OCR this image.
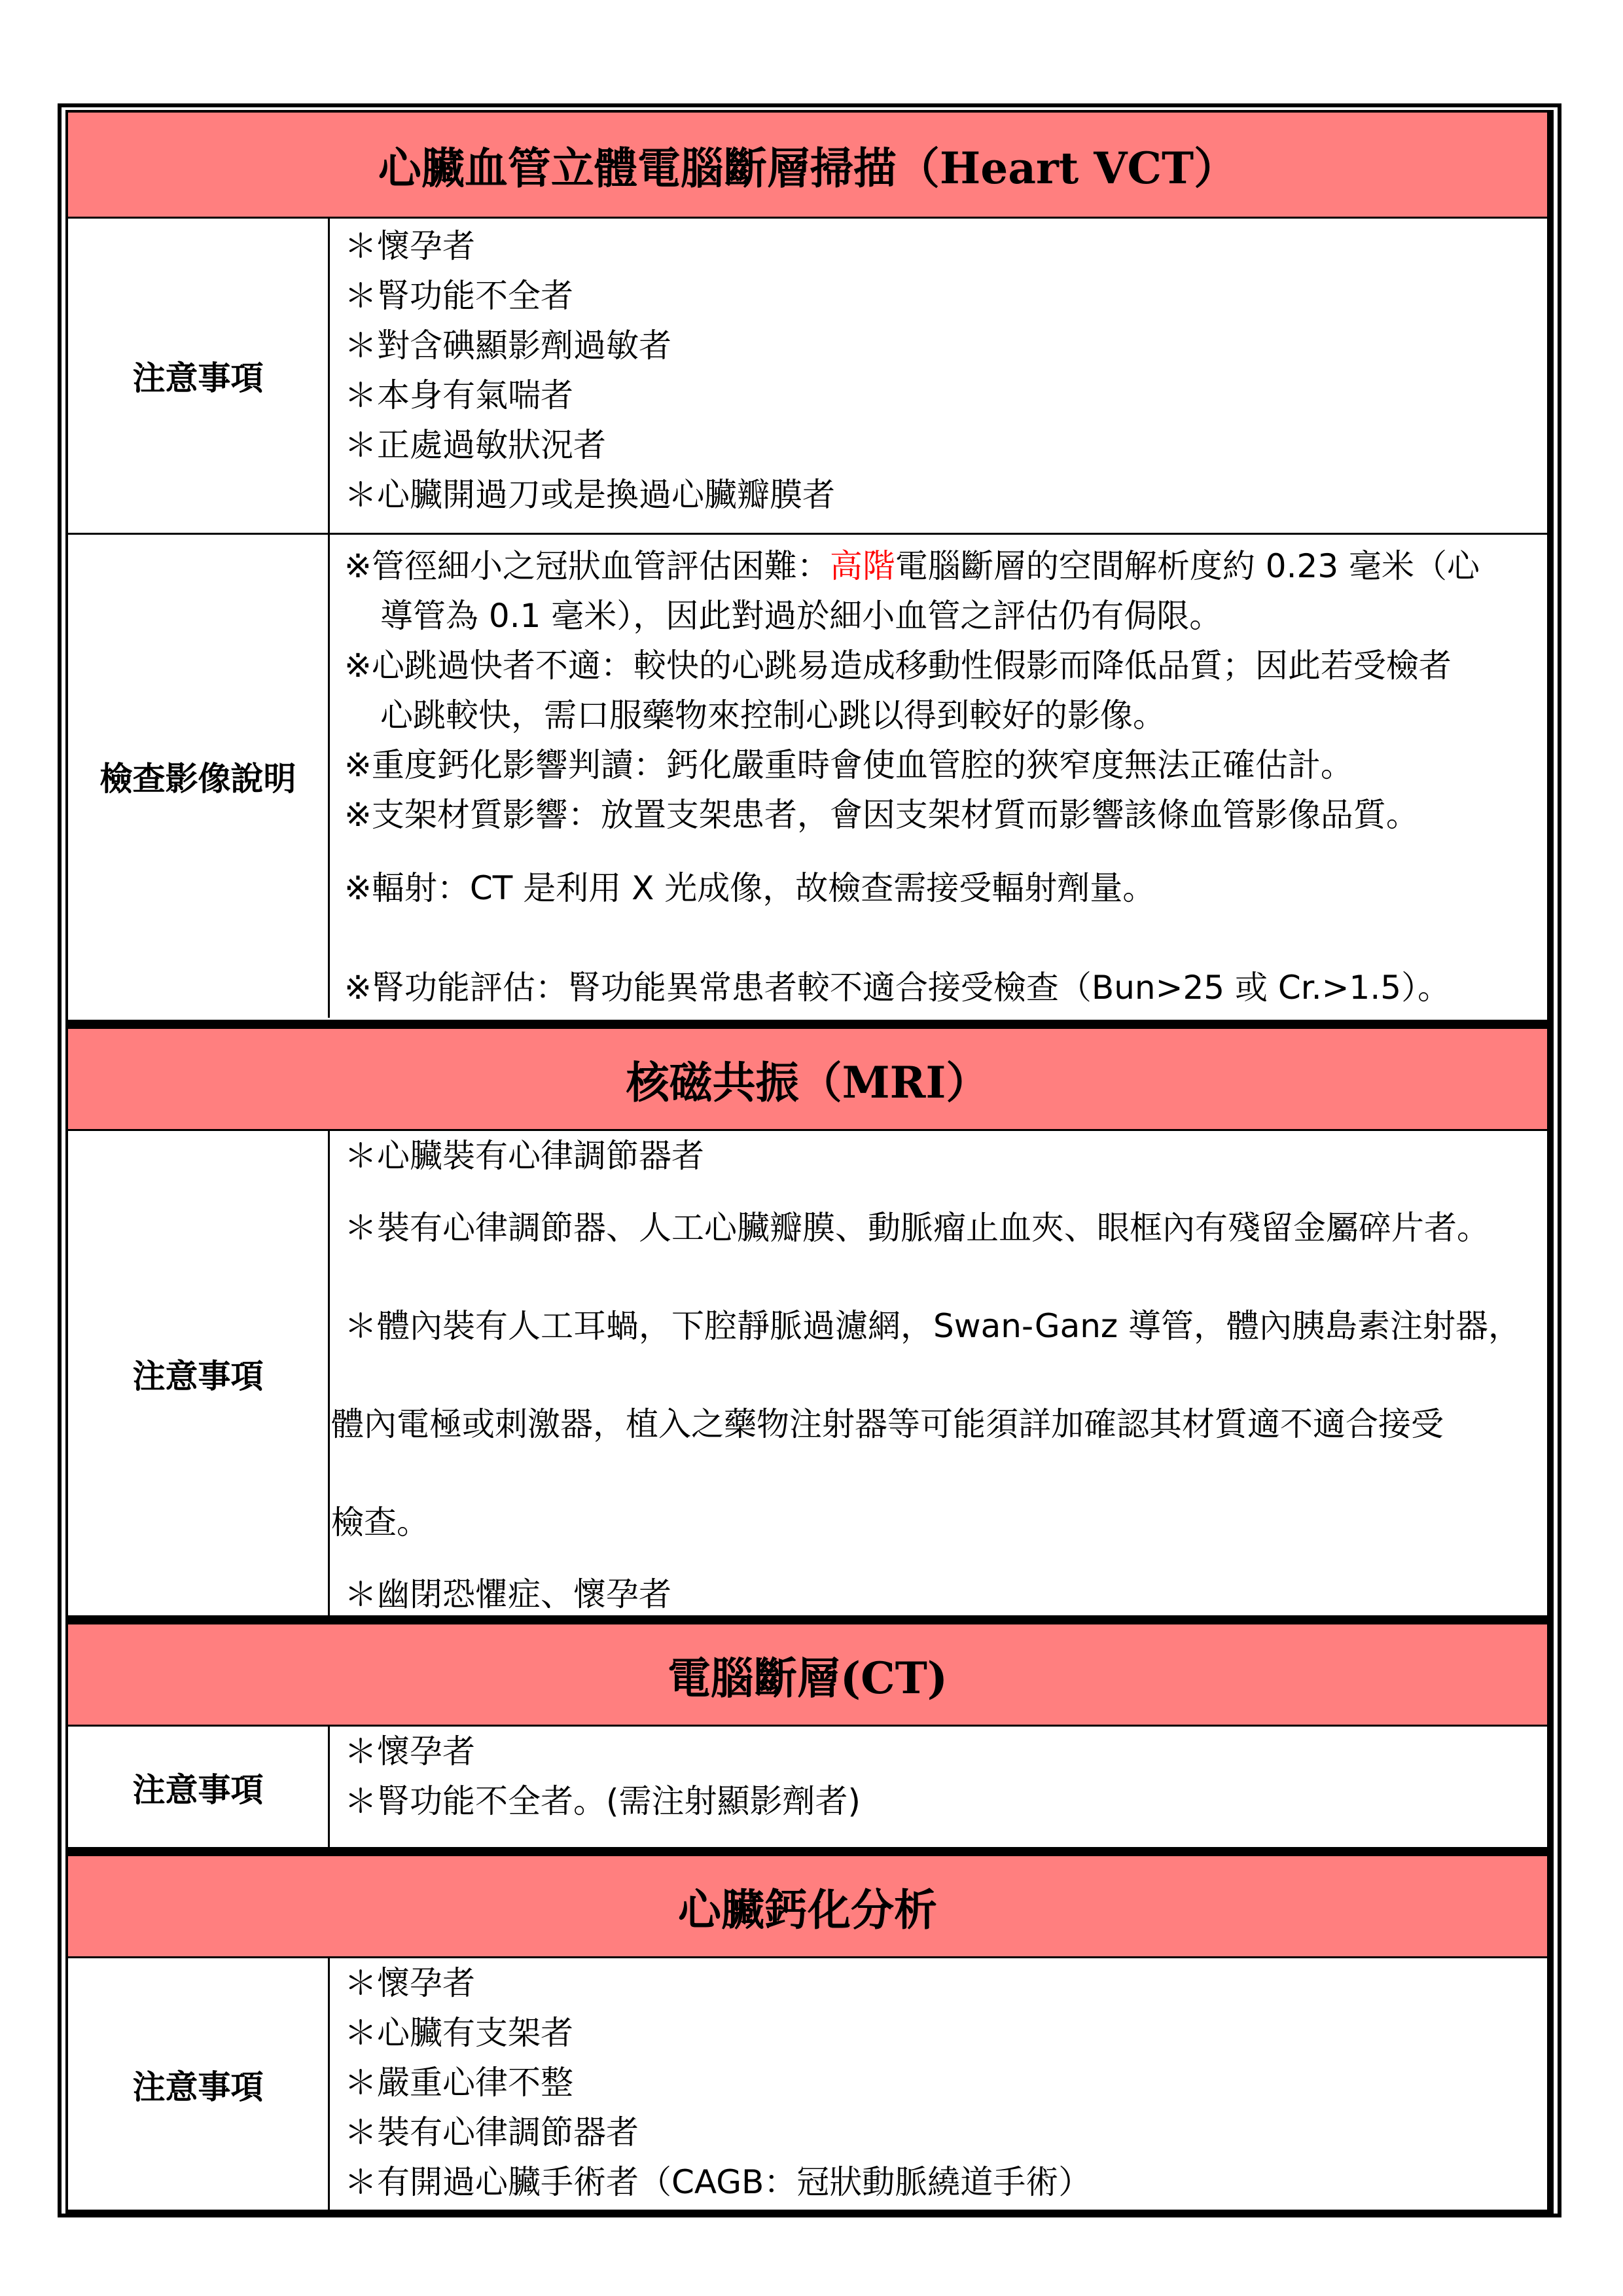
心臟血管立體電腦斷層掃描（Heart VCT）
注意事項
＊懷孕者
＊腎功能不全者
＊對含碘顯影劑過敏者
＊本身有氣喘者
＊正處過敏狀況者
＊心臟開過刀或是換過心臟瓣膜者
檢查影像說明
※管徑細小之冠狀血管評估困難：高階電腦斷層的空間解析度約 0.23 毫米（心
導管為 0.1 毫米），因此對過於細小血管之評估仍有侷限。
※心跳過快者不適：較快的心跳易造成移動性假影而降低品質；因此若受檢者
心跳較快，需口服藥物來控制心跳以得到較好的影像。
※重度鈣化影響判讀：鈣化嚴重時會使血管腔的狹窄度無法正確估計。
※支架材質影響：放置支架患者，會因支架材質而影響該條血管影像品質。
※輻射：CT 是利用 X 光成像，故檢查需接受輻射劑量。
※腎功能評估：腎功能異常患者較不適合接受檢查（Bun>25 或 Cr.>1.5）。
核磁共振（MRI）
注意事項
＊心臟裝有心律調節器者
＊裝有心律調節器、人工心臟瓣膜、動脈瘤止血夾、眼框內有殘留金屬碎片者。
＊體內裝有人工耳蝸，下腔靜脈過濾網，Swan-Ganz 導管，體內胰島素注射器，
體內電極或刺激器，植入之藥物注射器等可能須詳加確認其材質適不適合接受
檢查。
＊幽閉恐懼症、懷孕者
電腦斷層(CT)
注意事項
＊懷孕者
＊腎功能不全者。(需注射顯影劑者)
心臟鈣化分析
注意事項
＊懷孕者
＊心臟有支架者
＊嚴重心律不整
＊裝有心律調節器者
＊有開過心臟手術者（CAGB：冠狀動脈繞道手術）
